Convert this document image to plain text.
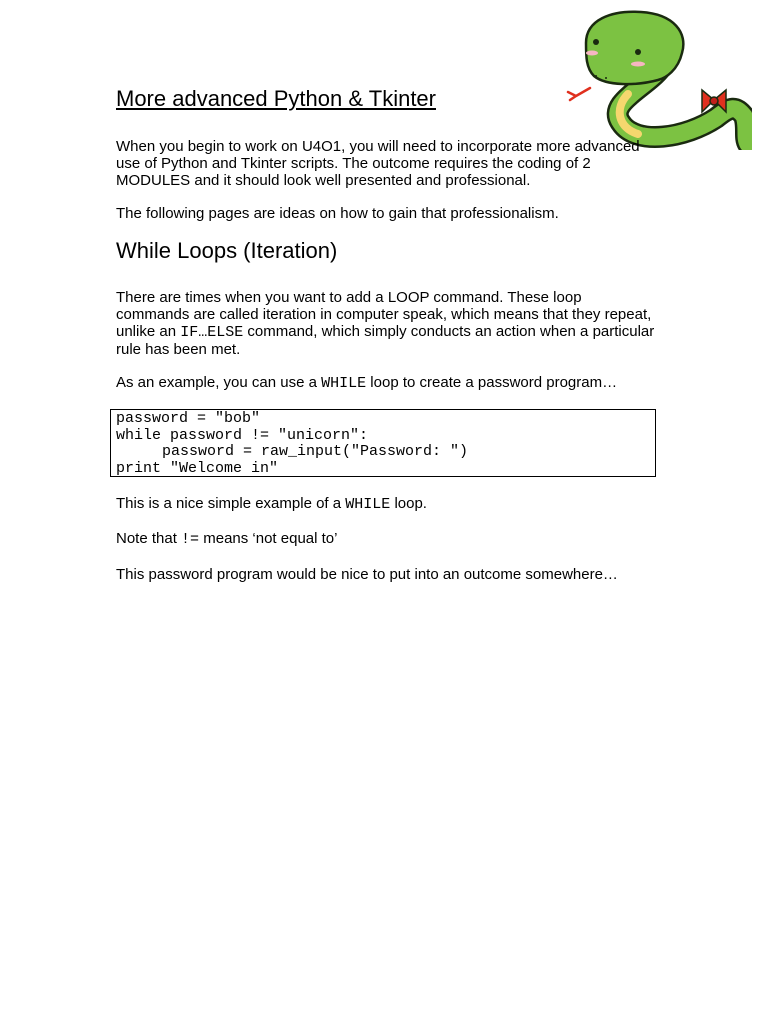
More advanced Python & Tkinter

When you begin to work on U4O1, you will need to incorporate more advanced use of Python and Tkinter scripts. The outcome requires the coding of 2 MODULES and it should look well presented and professional.

The following pages are ideas on how to gain that professionalism.

While Loops (Iteration)

There are times when you want to add a LOOP command. These loop commands are called iteration in computer speak, which means that they repeat, unlike an IF…ELSE command, which simply conducts an action when a particular rule has been met.

As an example, you can use a WHILE loop to create a password program…

password = "bob"
while password != "unicorn":
password = raw_input("Password: ")
print "Welcome in"

This is a nice simple example of a WHILE loop.

Note that != means ‘not equal to’

This password program would be nice to put into an outcome somewhere…
